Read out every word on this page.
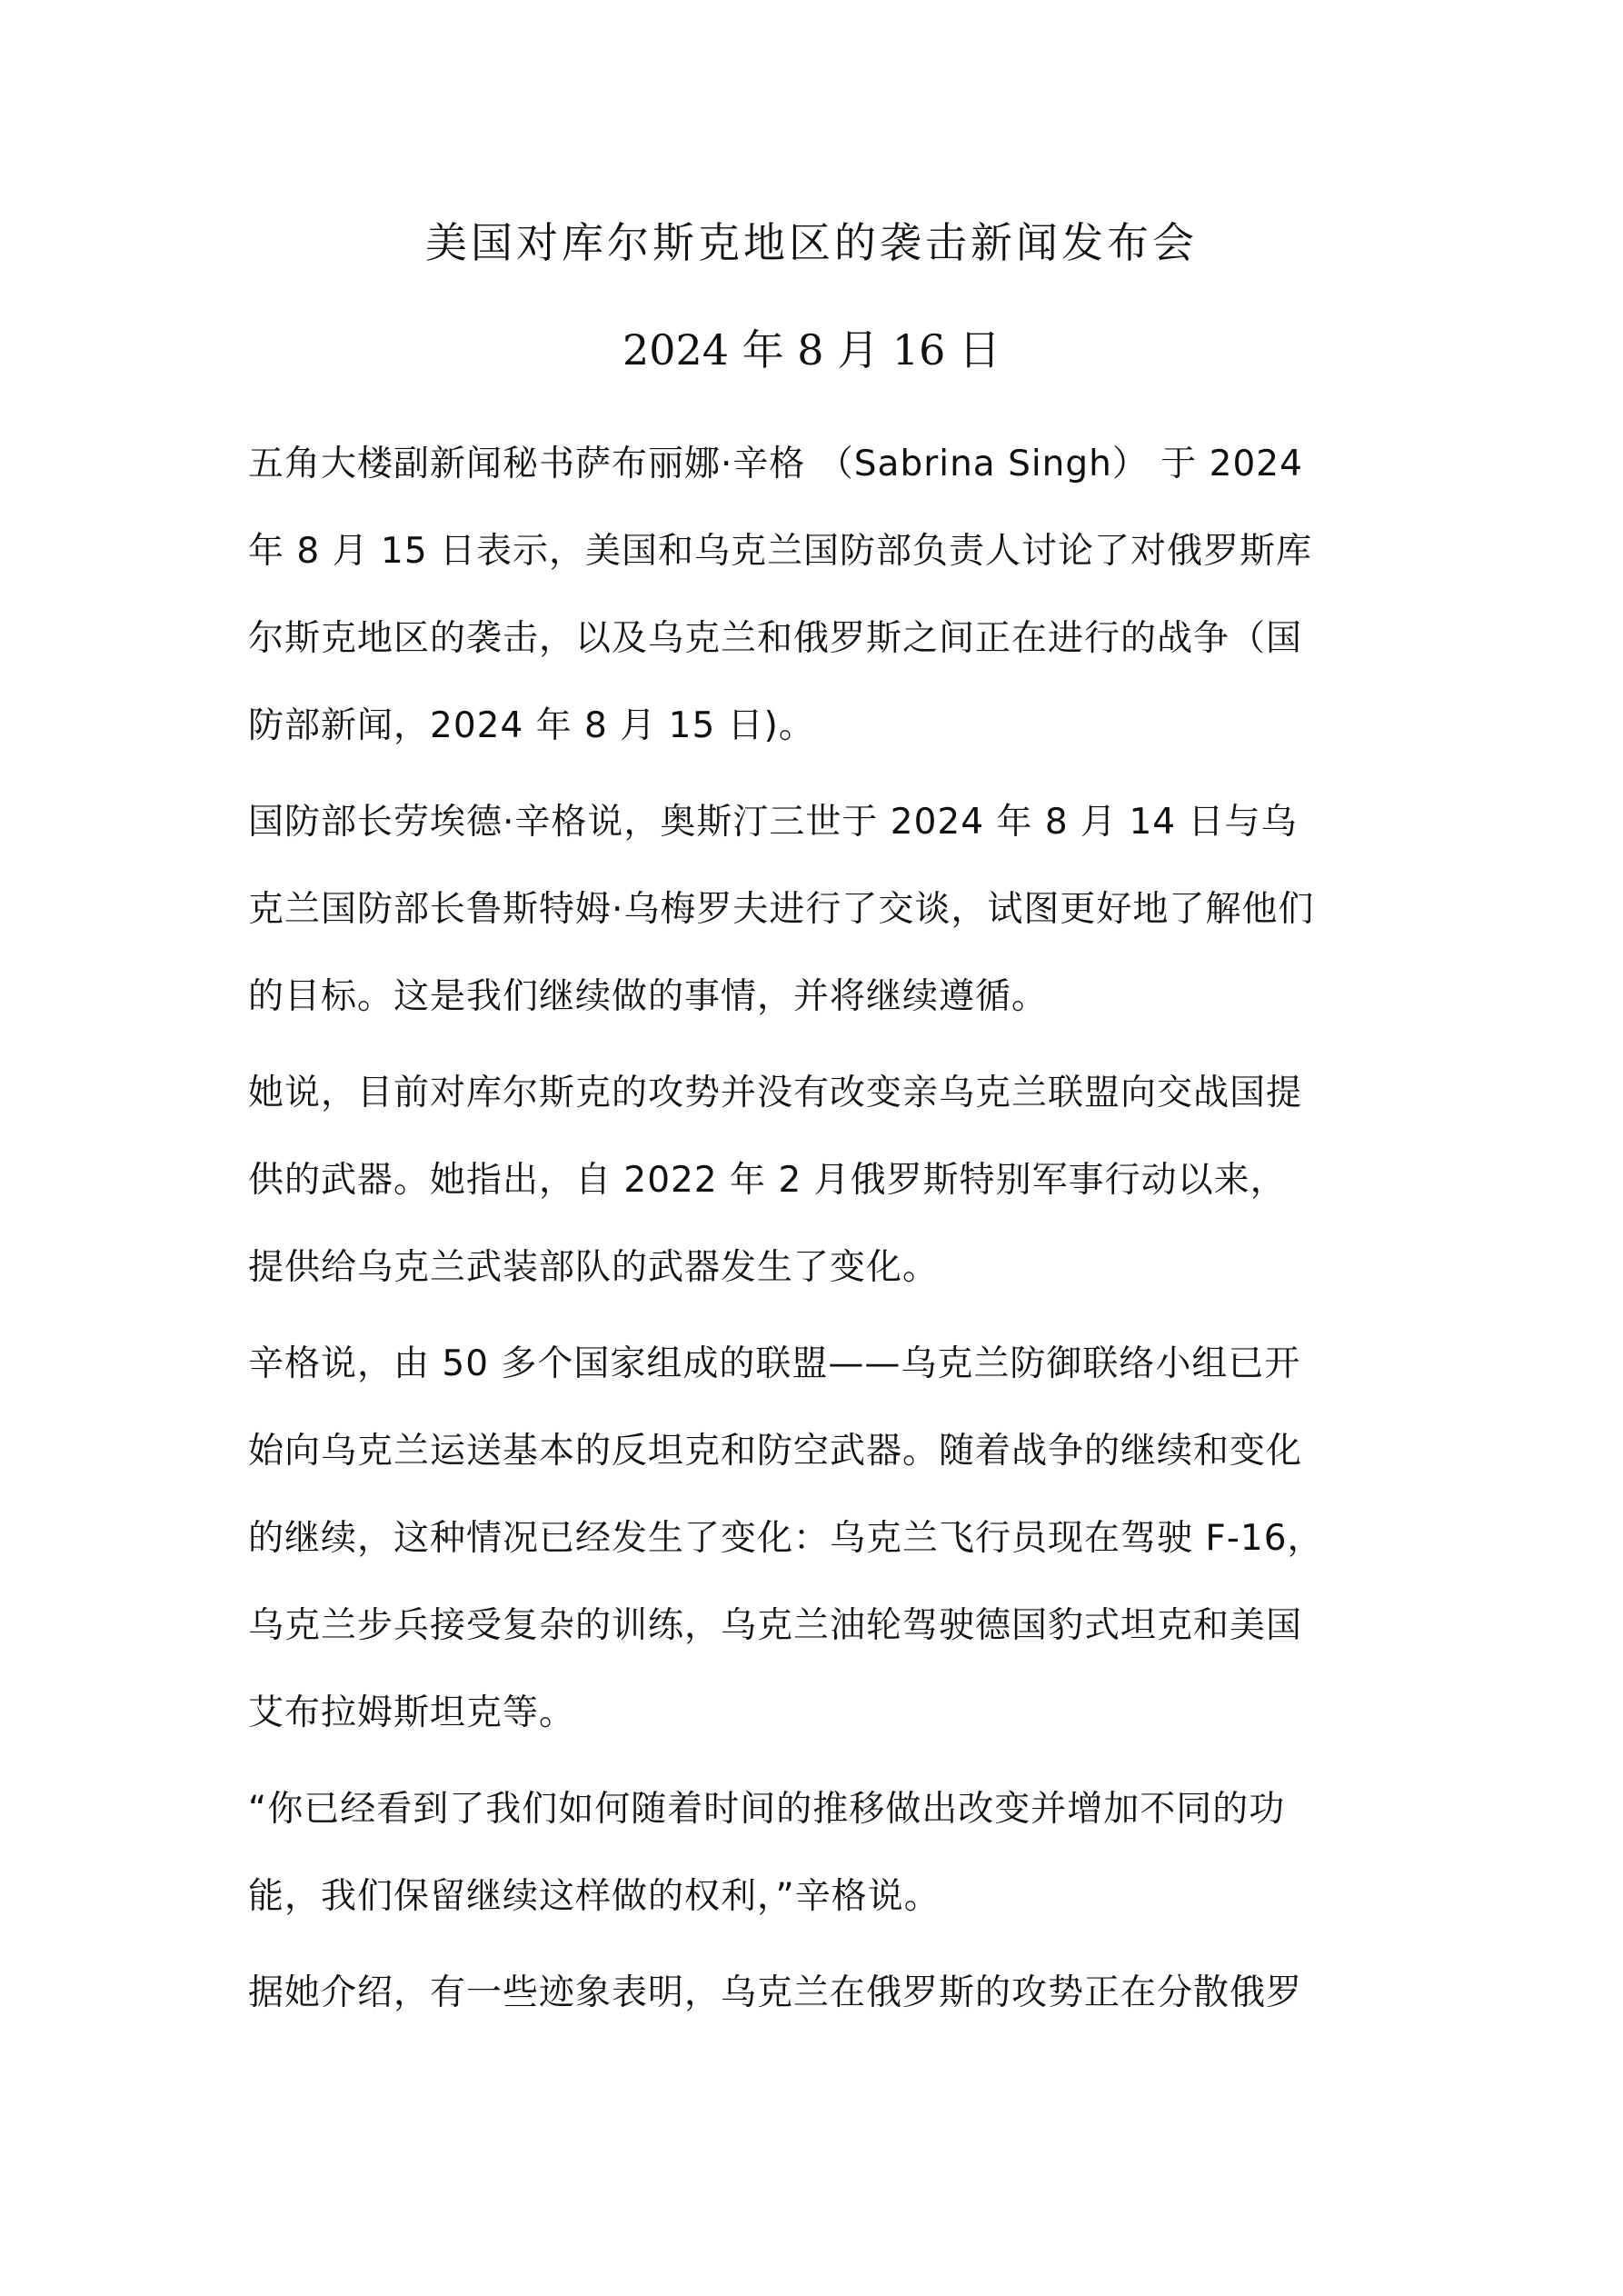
美国对库尔斯克地区的袭击新闻发布会
2024 年 8 月 16 日
五角大楼副新闻秘书萨布丽娜·辛格 （Sabrina Singh） 于 2024
年 8 月 15 日表示，美国和乌克兰国防部负责人讨论了对俄罗斯库
尔斯克地区的袭击，以及乌克兰和俄罗斯之间正在进行的战争（国
防部新闻，2024 年 8 月 15 日)。
国防部长劳埃德·辛格说，奥斯汀三世于 2024 年 8 月 14 日与乌
克兰国防部长鲁斯特姆·乌梅罗夫进行了交谈，试图更好地了解他们
的目标。这是我们继续做的事情，并将继续遵循。
她说，目前对库尔斯克的攻势并没有改变亲乌克兰联盟向交战国提
供的武器。她指出，自 2022 年 2 月俄罗斯特别军事行动以来，
提供给乌克兰武装部队的武器发生了变化。
辛格说，由 50 多个国家组成的联盟——乌克兰防御联络小组已开
始向乌克兰运送基本的反坦克和防空武器。随着战争的继续和变化
的继续，这种情况已经发生了变化：乌克兰飞行员现在驾驶 F-16，
乌克兰步兵接受复杂的训练，乌克兰油轮驾驶德国豹式坦克和美国
艾布拉姆斯坦克等。
“你已经看到了我们如何随着时间的推移做出改变并增加不同的功
能，我们保留继续这样做的权利，”辛格说。
据她介绍，有一些迹象表明，乌克兰在俄罗斯的攻势正在分散俄罗
